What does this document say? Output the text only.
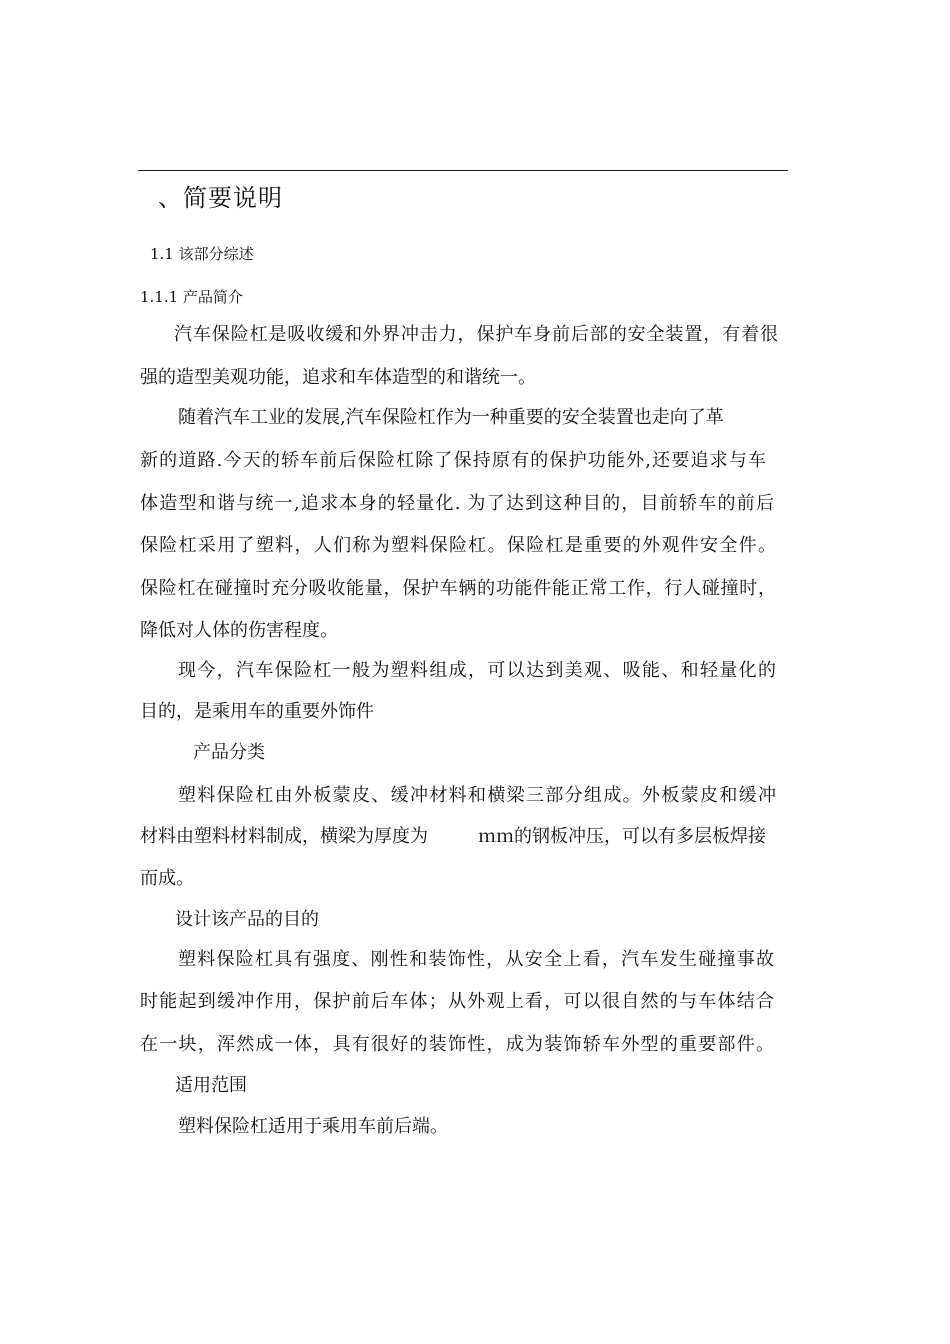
、简要说明
1.1 该部分综述
1.1.1 产品简介
汽车保险杠是吸收缓和外界冲击力，保护车身前后部的安全装置，有着很
强的造型美观功能，追求和车体造型的和谐统一。
随着汽车工业的发展,汽车保险杠作为一种重要的安全装置也走向了革
新的道路.今天的轿车前后保险杠除了保持原有的保护功能外,还要追求与车
体造型和谐与统一,追求本身的轻量化. 为了达到这种目的，目前轿车的前后
保险杠采用了塑料，人们称为塑料保险杠。保险杠是重要的外观件安全件。
保险杠在碰撞时充分吸收能量，保护车辆的功能件能正常工作，行人碰撞时，
降低对人体的伤害程度。
现今，汽车保险杠一般为塑料组成，可以达到美观、吸能、和轻量化的
目的，是乘用车的重要外饰件
产品分类
塑料保险杠由外板蒙皮、缓冲材料和横梁三部分组成。外板蒙皮和缓冲
材料由塑料材料制成，横梁为厚度为	ｍｍ的钢板冲压，可以有多层板焊接
而成。
设计该产品的目的
塑料保险杠具有强度、刚性和装饰性，从安全上看，汽车发生碰撞事故
时能起到缓冲作用，保护前后车体；从外观上看，可以很自然的与车体结合
在一块，浑然成一体，具有很好的装饰性，成为装饰轿车外型的重要部件。
适用范围
塑料保险杠适用于乘用车前后端。
